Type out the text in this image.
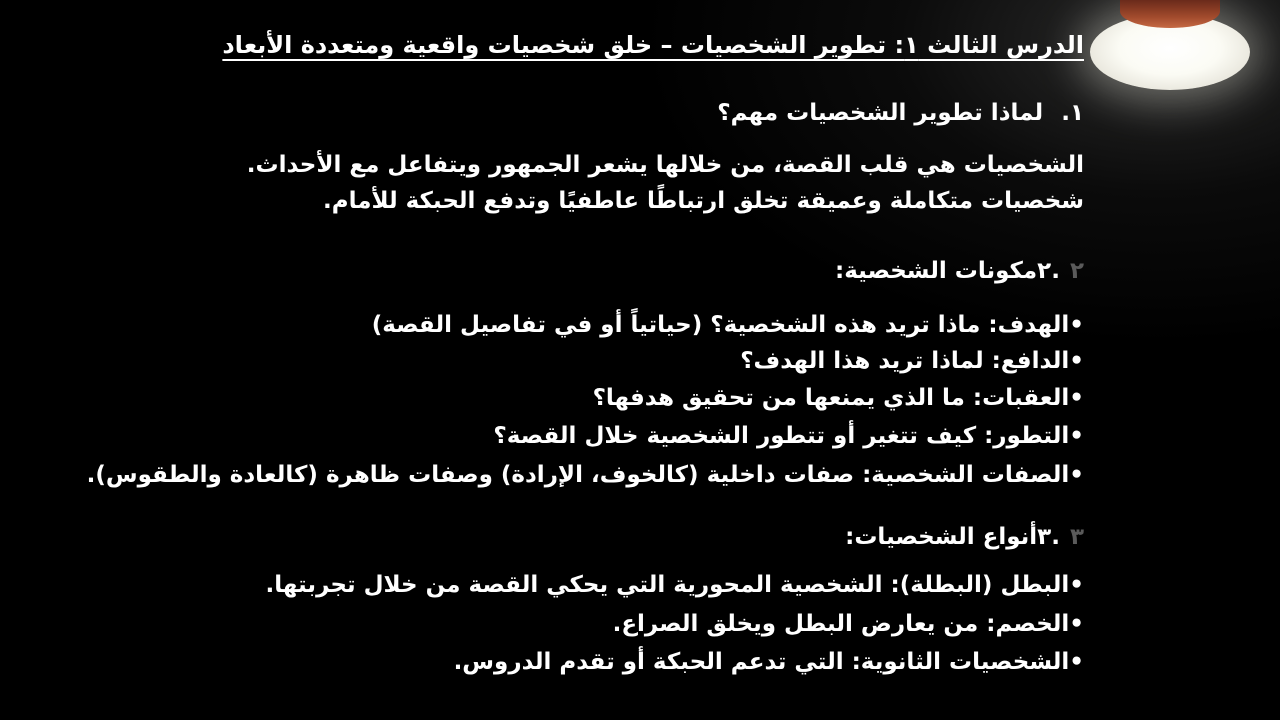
الدرس الثالث ١: تطوير الشخصيات – خلق شخصيات واقعية ومتعددة الأبعاد
١.لماذا تطوير الشخصيات مهم؟
الشخصيات هي قلب القصة، من خلالها يشعر الجمهور ويتفاعل مع الأحداث.
شخصيات متكاملة وعميقة تخلق ارتباطًا عاطفيًا وتدفع الحبكة للأمام.
٢. ٢مكونات الشخصية:
• الهدف: ماذا تريد هذه الشخصية؟ (حياتياً أو في تفاصيل القصة)
• الدافع: لماذا تريد هذا الهدف؟
• العقبات: ما الذي يمنعها من تحقيق هدفها؟
• التطور: كيف تتغير أو تتطور الشخصية خلال القصة؟
• الصفات الشخصية: صفات داخلية (كالخوف، الإرادة) وصفات ظاهرة (كالعادة والطقوس).
٣. ٣أنواع الشخصيات:
• البطل (البطلة): الشخصية المحورية التي يحكي القصة من خلال تجربتها.
• الخصم: من يعارض البطل ويخلق الصراع.
• الشخصيات الثانوية: التي تدعم الحبكة أو تقدم الدروس.
